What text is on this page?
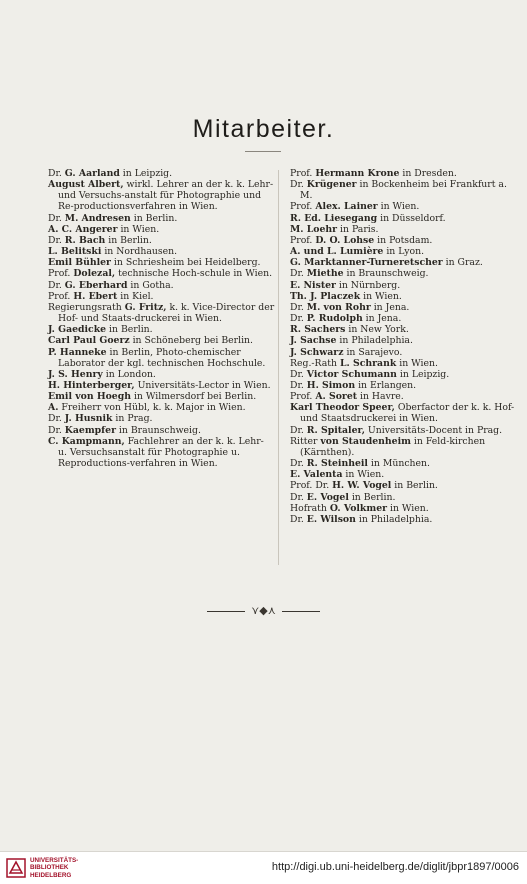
Mitarbeiter.
Dr. G. Aarland in Leipzig.
August Albert, wirkl. Lehrer an der k. k. Lehr- und Versuchs-anstalt für Photographie und Re-productionsverfahren in Wien.
Dr. M. Andresen in Berlin.
A. C. Angerer in Wien.
Dr. R. Bach in Berlin.
L. Belitski in Nordhausen.
Emil Bühler in Schriesheim bei Heidelberg.
Prof. Dolezal, technische Hoch-schule in Wien.
Dr. G. Eberhard in Gotha.
Prof. H. Ebert in Kiel.
Regierungsrath G. Fritz, k. k. Vice-Director der Hof- und Staats-druckerei in Wien.
J. Gaedicke in Berlin.
Carl Paul Goerz in Schöneberg bei Berlin.
P. Hanneke in Berlin, Photo-chemischer Laborator der kgl. technischen Hochschule.
J. S. Henry in London.
H. Hinterberger, Universitäts-Lector in Wien.
Emil von Hoegh in Wilmersdorf bei Berlin.
A. Freiherr von Hübl, k. k. Major in Wien.
Dr. J. Husnik in Prag.
Dr. Kaempfer in Braunschweig.
C. Kampmann, Fachlehrer an der k. k. Lehr- u. Versuchsanstalt für Photographie u. Reproductions-verfahren in Wien.
Prof. Hermann Krone in Dresden.
Dr. Krügener in Bockenheim bei Frankfurt a. M.
Prof. Alex. Lainer in Wien.
R. Ed. Liesegang in Düsseldorf.
M. Loehr in Paris.
Prof. D. O. Lohse in Potsdam.
A. und L. Lumière in Lyon.
G. Marktanner-Turneretscher in Graz.
Dr. Miethe in Braunschweig.
E. Nister in Nürnberg.
Th. J. Placzek in Wien.
Dr. M. von Rohr in Jena.
Dr. P. Rudolph in Jena.
R. Sachers in New York.
J. Sachse in Philadelphia.
J. Schwarz in Sarajevo.
Reg.-Rath L. Schrank in Wien.
Dr. Victor Schumann in Leipzig.
Dr. H. Simon in Erlangen.
Prof. A. Soret in Havre.
Karl Theodor Speer, Oberfactor der k. k. Hof- und Staatsdruckerei in Wien.
Dr. R. Spitaler, Universitäts-Docent in Prag.
Ritter von Staudenheim in Feld-kirchen (Kärnthen).
Dr. R. Steinheil in München.
E. Valenta in Wien.
Prof. Dr. H. W. Vogel in Berlin.
Dr. E. Vogel in Berlin.
Hofrath O. Volkmer in Wien.
Dr. E. Wilson in Philadelphia.
⋎◆⋏
UNIVERSITÄTS-
BIBLIOTHEK
HEIDELBERG
http://digi.ub.uni-heidelberg.de/diglit/jbpr1897/0006
